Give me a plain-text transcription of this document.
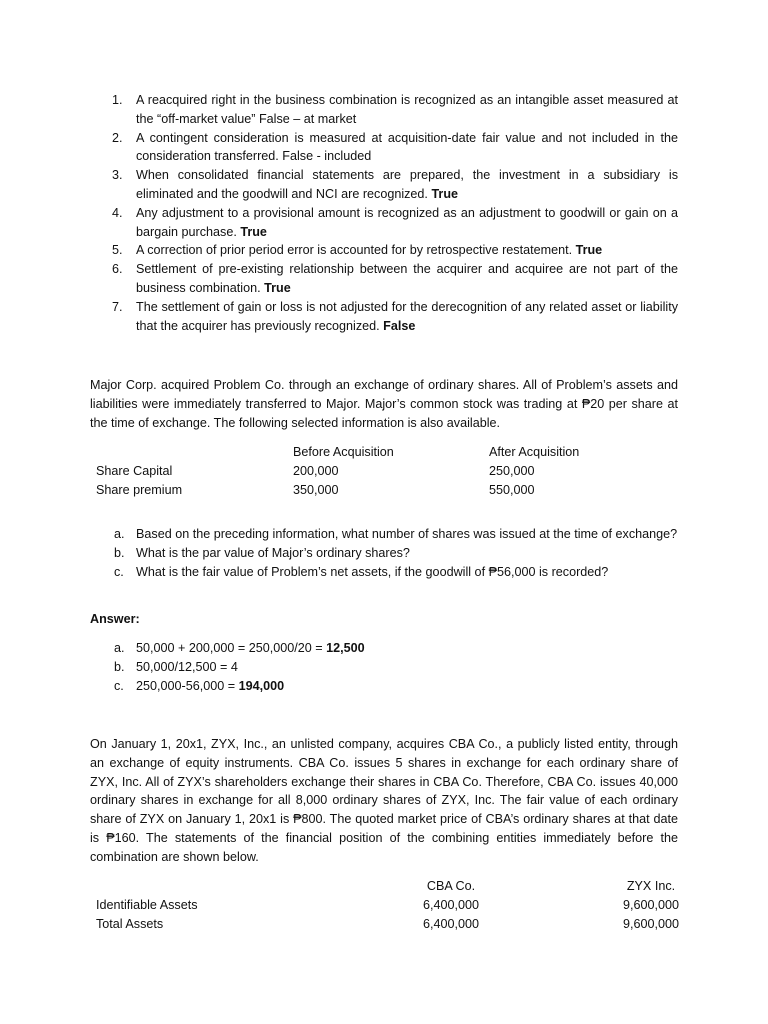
1. A reacquired right in the business combination is recognized as an intangible asset measured at the “off-market value” False – at market
2. A contingent consideration is measured at acquisition-date fair value and not included in the consideration transferred. False - included
3. When consolidated financial statements are prepared, the investment in a subsidiary is eliminated and the goodwill and NCI are recognized. True
4. Any adjustment to a provisional amount is recognized as an adjustment to goodwill or gain on a bargain purchase. True
5. A correction of prior period error is accounted for by retrospective restatement. True
6. Settlement of pre-existing relationship between the acquirer and acquiree are not part of the business combination. True
7. The settlement of gain or loss is not adjusted for the derecognition of any related asset or liability that the acquirer has previously recognized. False

Major Corp. acquired Problem Co. through an exchange of ordinary shares. All of Problem’s assets and liabilities were immediately transferred to Major. Major’s common stock was trading at ₱20 per share at the time of exchange. The following selected information is also available.

	Before Acquisition	After Acquisition
Share Capital	200,000	250,000
Share premium	350,000	550,000
a. Based on the preceding information, what number of shares was issued at the time of exchange?
b. What is the par value of Major’s ordinary shares?
c. What is the fair value of Problem’s net assets, if the goodwill of ₱56,000 is recorded?
Answer:
a. 50,000 + 200,000 = 250,000/20 = 12,500
b. 50,000/12,500 = 4
c. 250,000-56,000 = 194,000

On January 1, 20x1, ZYX, Inc., an unlisted company, acquires CBA Co., a publicly listed entity, through an exchange of equity instruments. CBA Co. issues 5 shares in exchange for each ordinary share of ZYX, Inc. All of ZYX’s shareholders exchange their shares in CBA Co. Therefore, CBA Co. issues 40,000 ordinary shares in exchange for all 8,000 ordinary shares of ZYX, Inc. The fair value of each ordinary share of ZYX on January 1, 20x1 is ₱800. The quoted market price of CBA’s ordinary shares at that date is ₱160. The statements of the financial position of the combining entities immediately before the combination are shown below.

	CBA Co.		ZYX Inc.
Identifiable Assets	6,400,000		9,600,000
Total Assets	6,400,000		9,600,000
